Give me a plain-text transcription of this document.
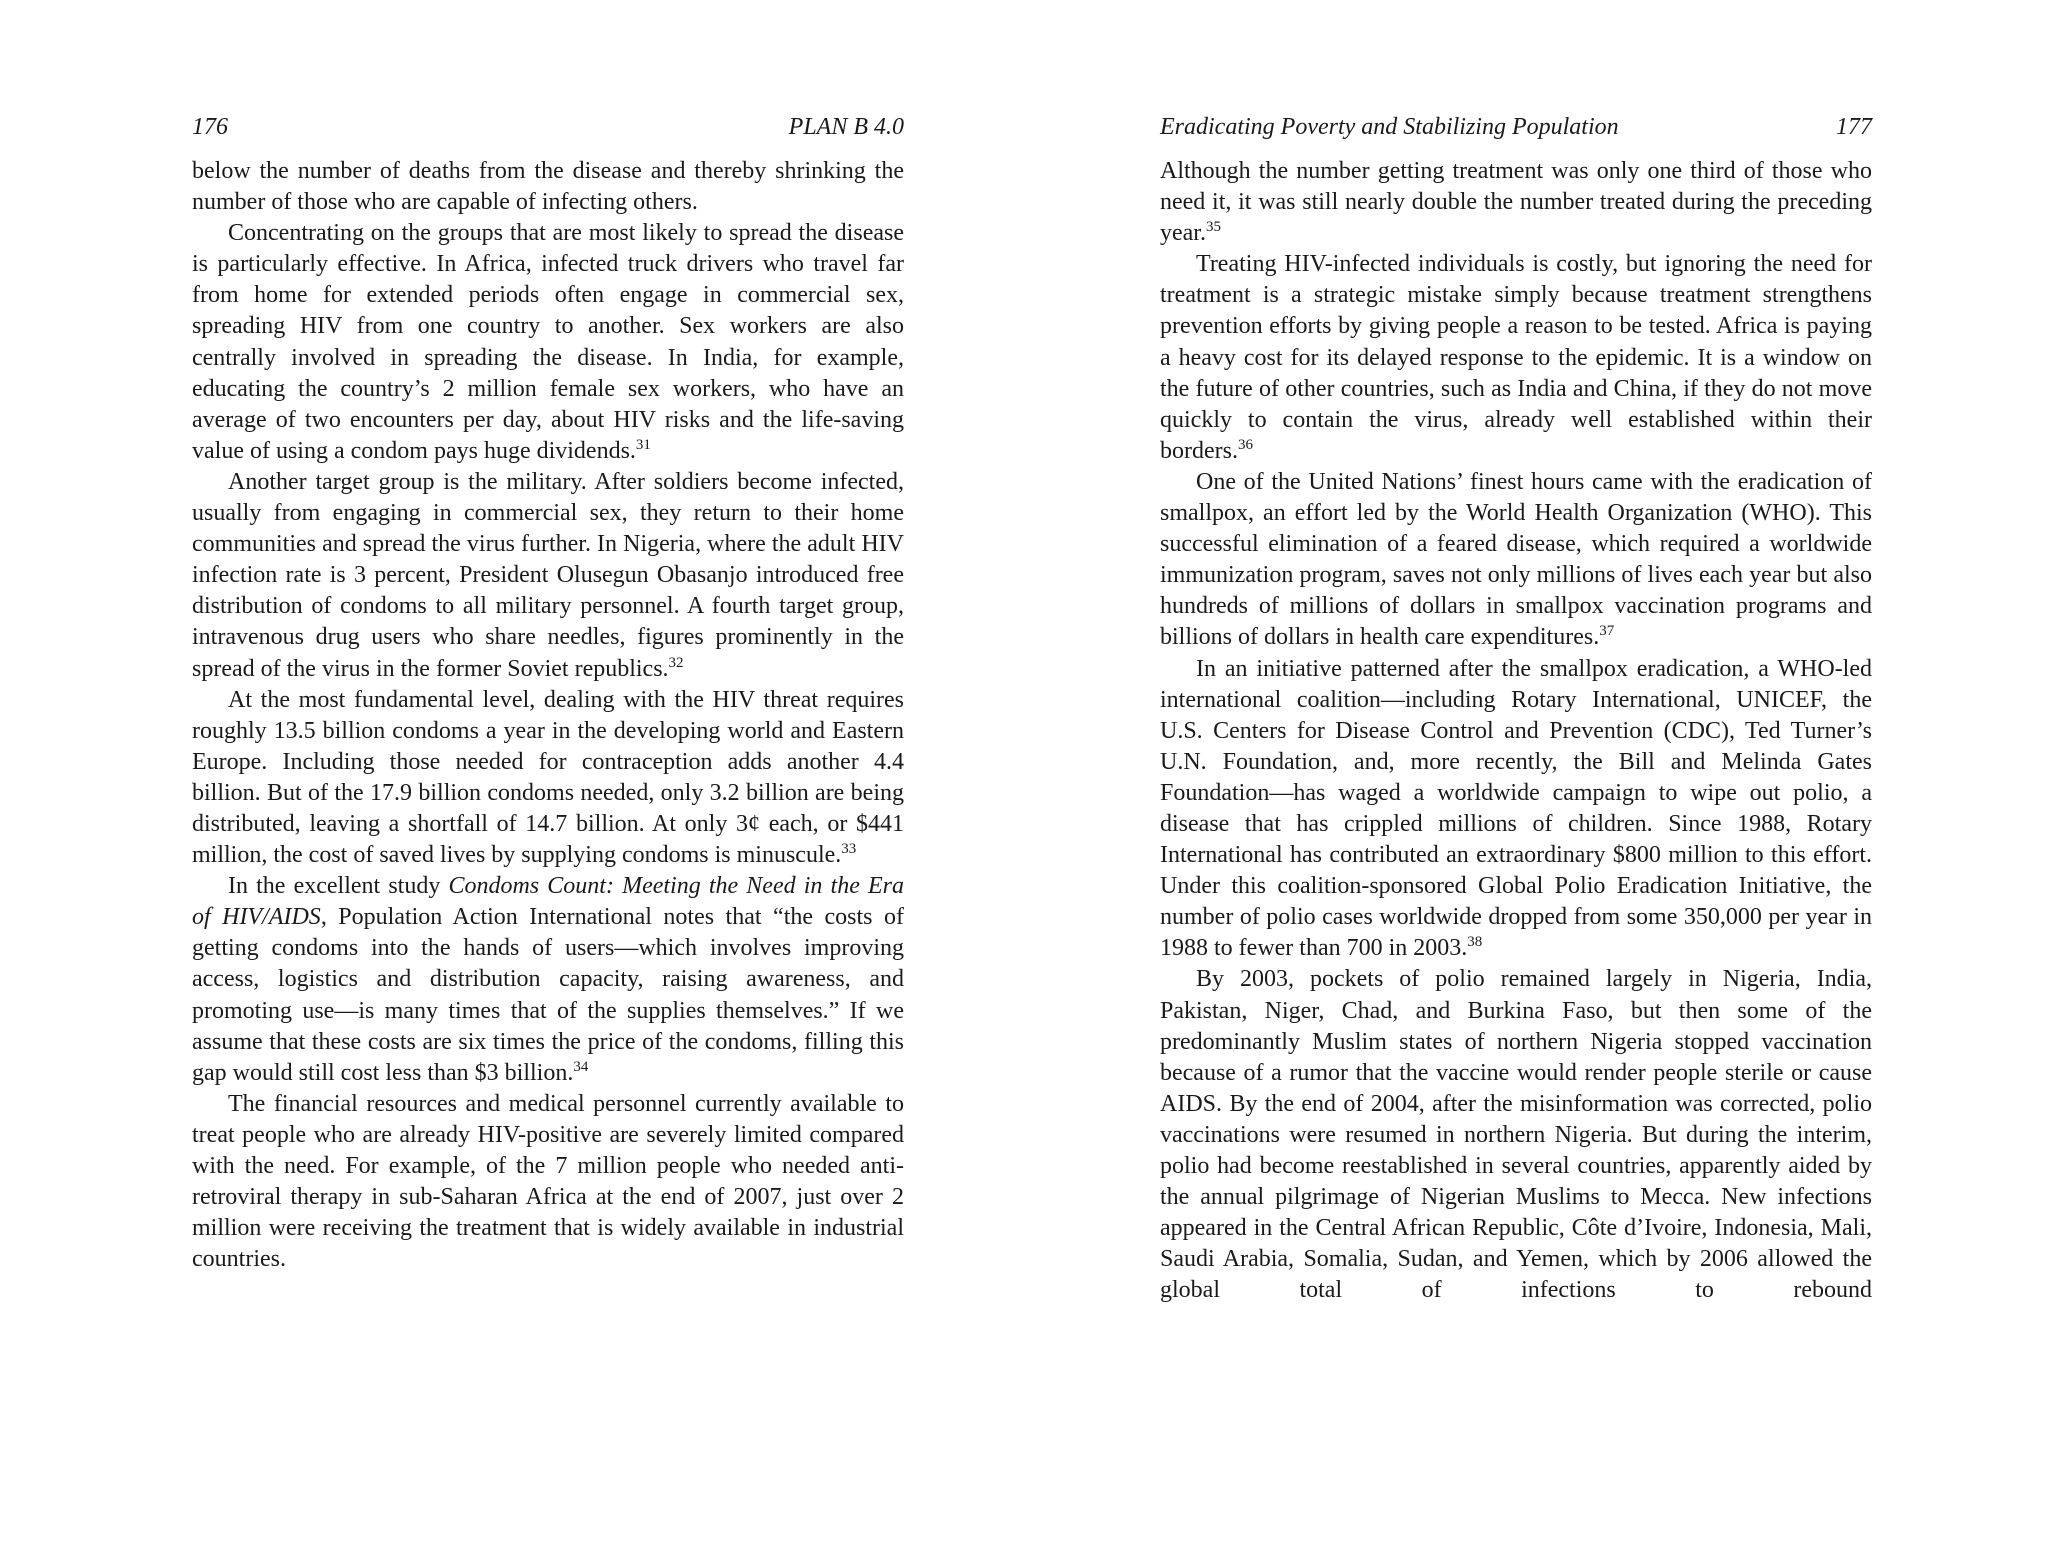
176	PLAN B 4.0

below the number of deaths from the disease and thereby shrinking the number of those who are capable of infecting others.

Concentrating on the groups that are most likely to spread the disease is particularly effective. In Africa, infected truck drivers who travel far from home for extended periods often engage in commercial sex, spreading HIV from one country to another. Sex workers are also centrally involved in spreading the disease. In India, for example, educating the country’s 2 million female sex workers, who have an average of two encounters per day, about HIV risks and the life-saving value of using a condom pays huge dividends.$^{31}$

Another target group is the military. After soldiers become infected, usually from engaging in commercial sex, they return to their home communities and spread the virus further. In Nigeria, where the adult HIV infection rate is 3 percent, President Olusegun Obasanjo introduced free distribution of condoms to all military personnel. A fourth target group, intravenous drug users who share needles, figures prominently in the spread of the virus in the former Soviet republics.$^{32}$

At the most fundamental level, dealing with the HIV threat requires roughly 13.5 billion condoms a year in the developing world and Eastern Europe. Including those needed for contraception adds another 4.4 billion. But of the 17.9 billion condoms needed, only 3.2 billion are being distributed, leaving a shortfall of 14.7 billion. At only 3¢ each, or $441 million, the cost of saved lives by supplying condoms is minuscule.$^{33}$

In the excellent study Condoms Count: Meeting the Need in the Era of HIV/AIDS, Population Action International notes that “the costs of getting condoms into the hands of users—which involves improving access, logistics and distribution capacity, raising awareness, and promoting use—is many times that of the supplies themselves.” If we assume that these costs are six times the price of the condoms, filling this gap would still cost less than $3 billion.$^{34}$

The financial resources and medical personnel currently available to treat people who are already HIV-positive are severely limited compared with the need. For example, of the 7 million people who needed anti-retroviral therapy in sub-Saharan Africa at the end of 2007, just over 2 million were receiving the treatment that is widely available in industrial countries.

Eradicating Poverty and Stabilizing Population	177

Although the number getting treatment was only one third of those who need it, it was still nearly double the number treated during the preceding year.$^{35}$

Treating HIV-infected individuals is costly, but ignoring the need for treatment is a strategic mistake simply because treatment strengthens prevention efforts by giving people a reason to be tested. Africa is paying a heavy cost for its delayed response to the epidemic. It is a window on the future of other countries, such as India and China, if they do not move quickly to contain the virus, already well established within their borders.$^{36}$

One of the United Nations’ finest hours came with the eradication of smallpox, an effort led by the World Health Organization (WHO). This successful elimination of a feared disease, which required a worldwide immunization program, saves not only millions of lives each year but also hundreds of millions of dollars in smallpox vaccination programs and billions of dollars in health care expenditures.$^{37}$

In an initiative patterned after the smallpox eradication, a WHO-led international coalition—including Rotary International, UNICEF, the U.S. Centers for Disease Control and Prevention (CDC), Ted Turner’s U.N. Foundation, and, more recently, the Bill and Melinda Gates Foundation—has waged a worldwide campaign to wipe out polio, a disease that has crippled millions of children. Since 1988, Rotary International has contributed an extraordinary $800 million to this effort. Under this coalition-sponsored Global Polio Eradication Initiative, the number of polio cases worldwide dropped from some 350,000 per year in 1988 to fewer than 700 in 2003.38

By 2003, pockets of polio remained largely in Nigeria, India, Pakistan, Niger, Chad, and Burkina Faso, but then some of the predominantly Muslim states of northern Nigeria stopped vaccination because of a rumor that the vaccine would render people sterile or cause AIDS. By the end of 2004, after the misinformation was corrected, polio vaccinations were resumed in northern Nigeria. But during the interim, polio had become reestablished in several countries, apparently aided by the annual pilgrimage of Nigerian Muslims to Mecca. New infections appeared in the Central African Republic, Côte d’Ivoire, Indonesia, Mali, Saudi Arabia, Somalia, Sudan, and Yemen, which by 2006 allowed the global total of infections to rebound
